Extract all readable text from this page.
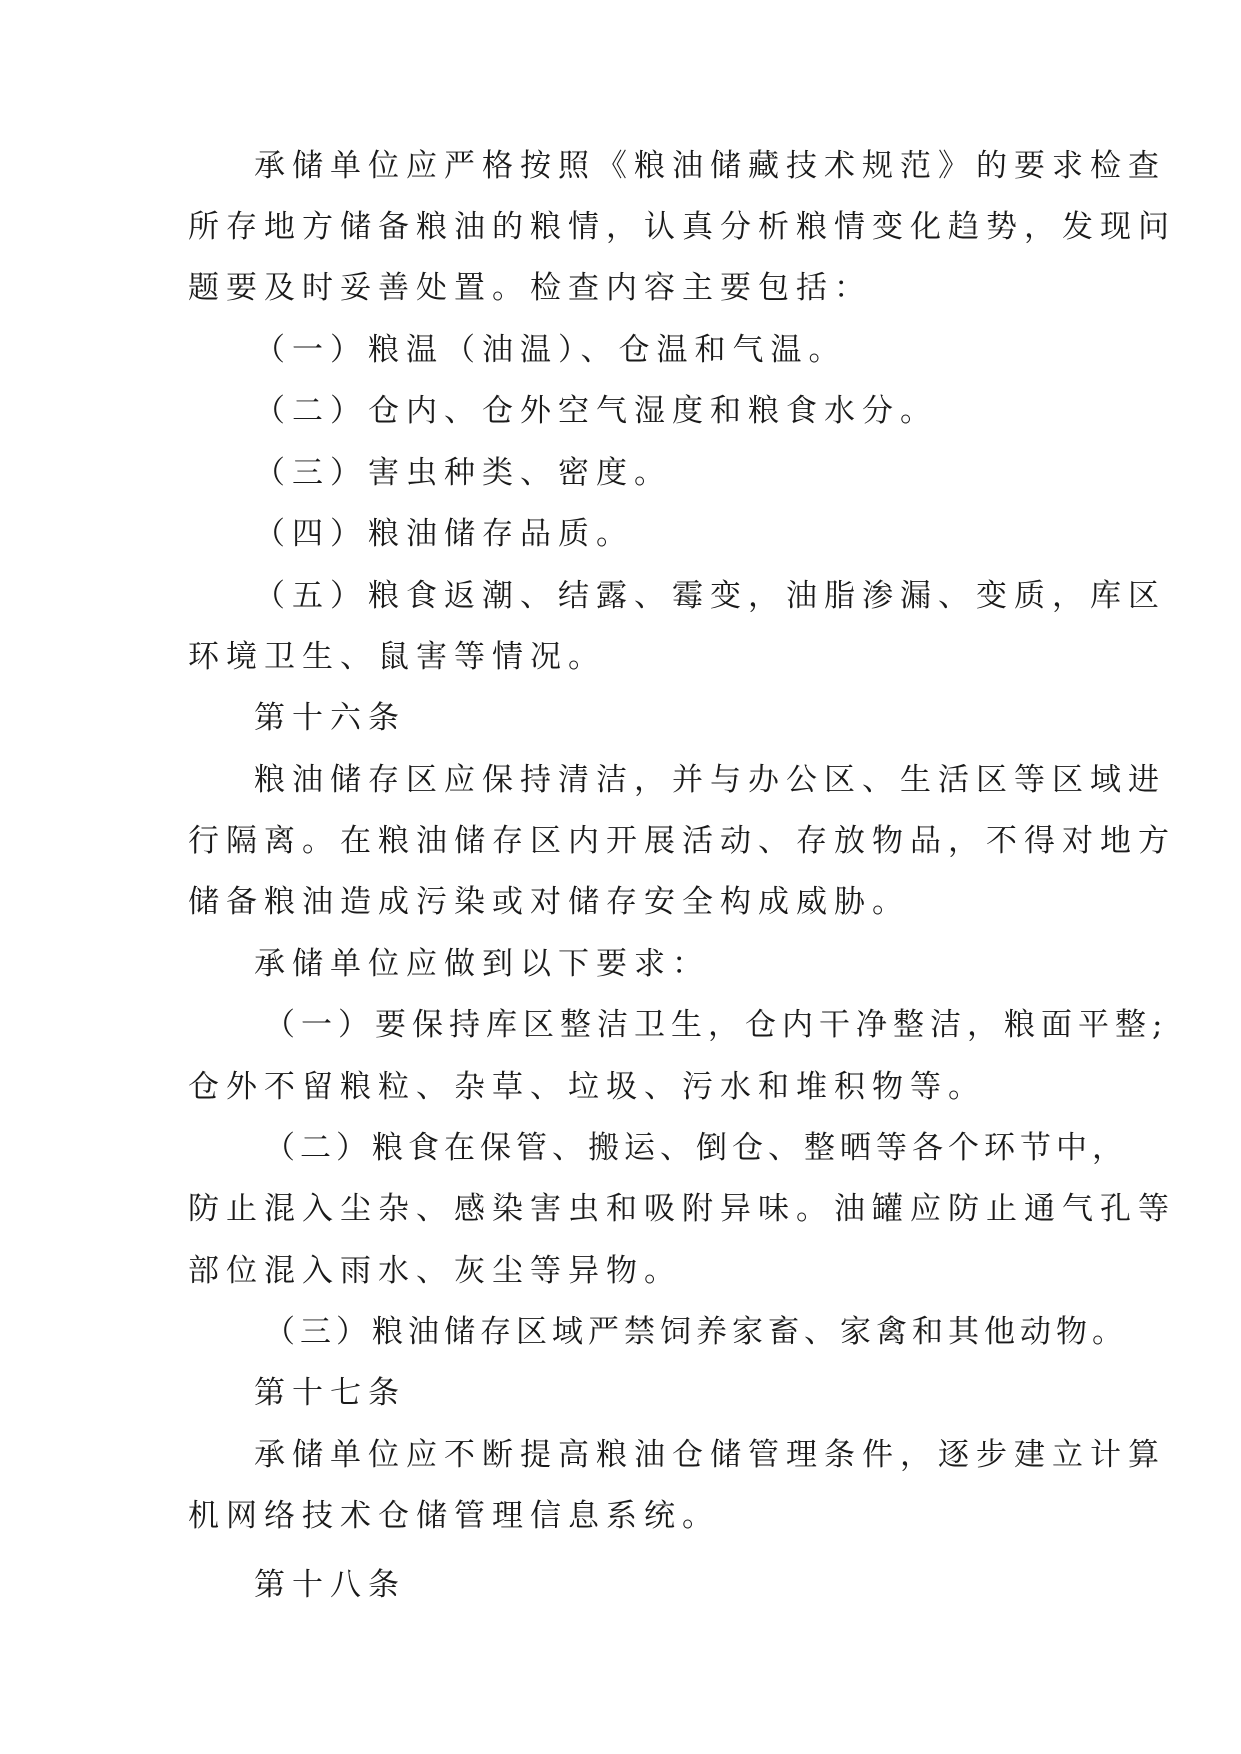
承储单位应严格按照《粮油储藏技术规范》的要求检查
所存地方储备粮油的粮情，认真分析粮情变化趋势，发现问
题要及时妥善处置。检查内容主要包括：
（一）粮温（油温）、仓温和气温。
（二）仓内、仓外空气湿度和粮食水分。
（三）害虫种类、密度。
（四）粮油储存品质。
（五）粮食返潮、结露、霉变，油脂渗漏、变质，库区
环境卫生、鼠害等情况。
第十六条
粮油储存区应保持清洁，并与办公区、生活区等区域进
行隔离。在粮油储存区内开展活动、存放物品，不得对地方
储备粮油造成污染或对储存安全构成威胁。
承储单位应做到以下要求：
（一）要保持库区整洁卫生，仓内干净整洁，粮面平整;
仓外不留粮粒、杂草、垃圾、污水和堆积物等。
（二）粮食在保管、搬运、倒仓、整晒等各个环节中，
防止混入尘杂、感染害虫和吸附异味。油罐应防止通气孔等
部位混入雨水、灰尘等异物。
（三）粮油储存区域严禁饲养家畜、家禽和其他动物。
第十七条
承储单位应不断提高粮油仓储管理条件，逐步建立计算
机网络技术仓储管理信息系统。
第十八条
